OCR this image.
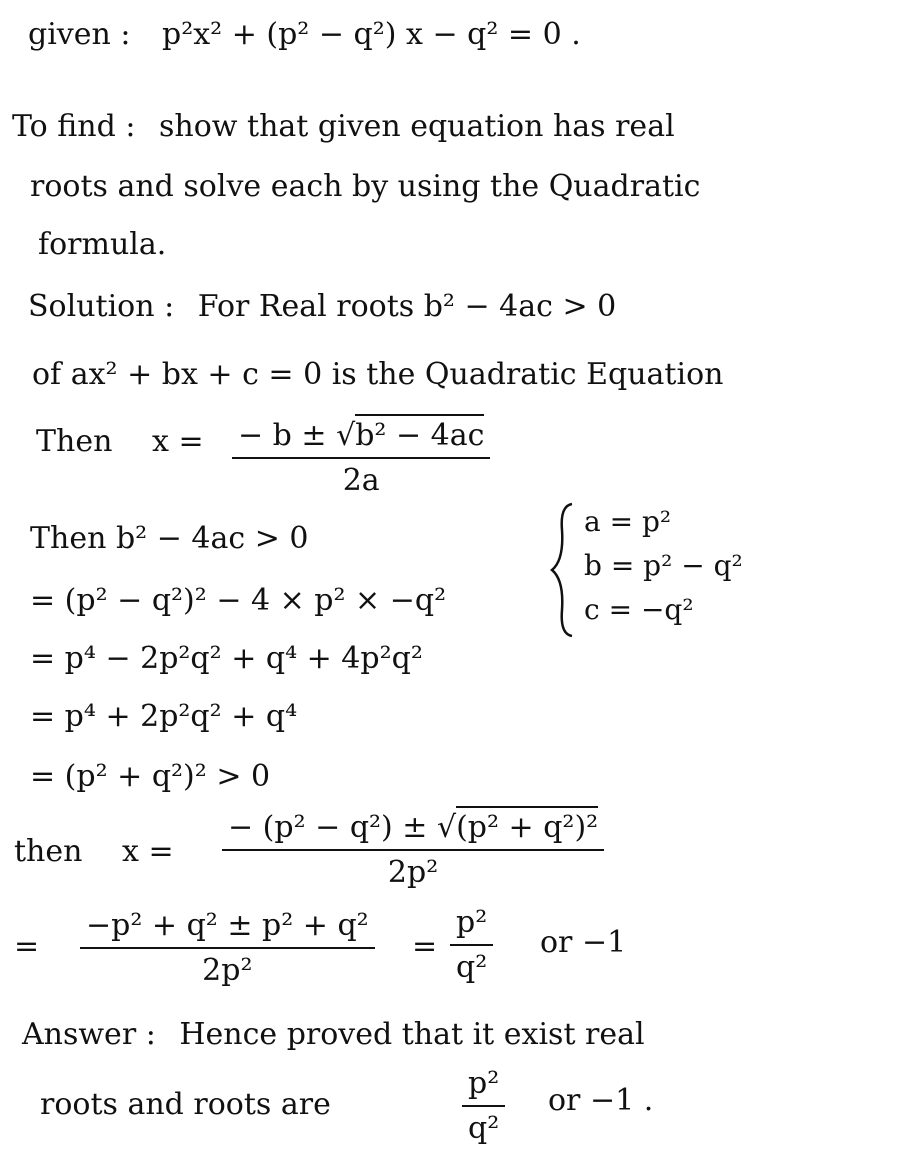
given : p²x² + (p² − q²) x − q² = 0 .
To find : show that given equation has real
roots and solve each by using the Quadratic
formula.
Solution : For Real roots b² − 4ac > 0
of ax² + bx + c = 0 is the Quadratic Equation
Then $x = \frac{\text{− b ± √b² − 4ac}}{2a}$
Then b² − 4ac > 0
= (p² − q²)² − 4 × p² × −q²
= p⁴ − 2p²q² + q⁴ + 4p²q²
= p⁴ + 2p²q² + q⁴
= (p² + q²)² > 0
a = p²
b = p² − q²
c = −q²
then $x = \frac{\text{− (p² − q²) ± √(p² + q²)²}}{\text{2p²}}$
= $\frac{\text{−p² + q² ± p² + q²}}{\text{2p²}} = \frac{\text{p²}}{\text{q²}}$ or −1
Answer : Hence proved that it exist real
roots and roots are	$\frac{\text{p²}}{\text{q²}}$ or −1 .
